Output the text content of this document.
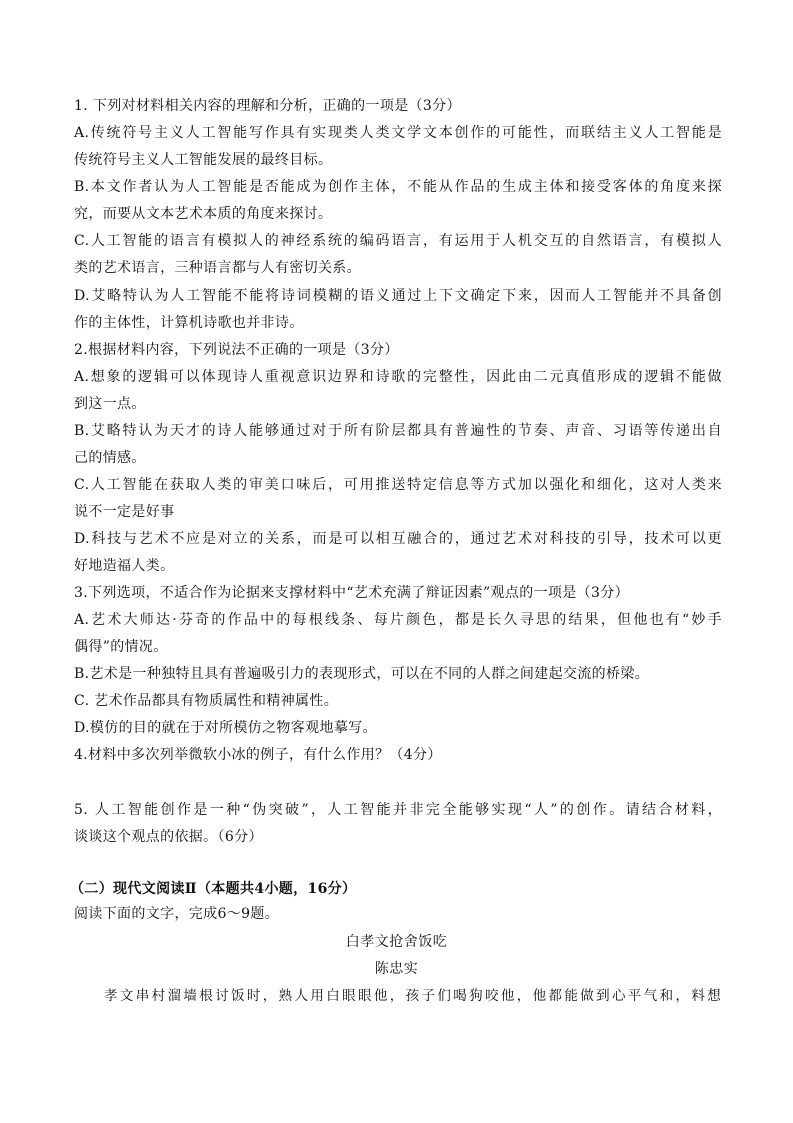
1. 下列对材料相关内容的理解和分析，正确的一项是（3分）
A.传统符号主义人工智能写作具有实现类人类文学文本创作的可能性，而联结主义人工智能是
传统符号主义人工智能发展的最终目标。
B.本文作者认为人工智能是否能成为创作主体，不能从作品的生成主体和接受客体的角度来探
究，而要从文本艺术本质的角度来探讨。
C.人工智能的语言有模拟人的神经系统的编码语言，有运用于人机交互的自然语言，有模拟人
类的艺术语言，三种语言都与人有密切关系。
D.艾略特认为人工智能不能将诗词模糊的语义通过上下文确定下来，因而人工智能并不具备创
作的主体性，计算机诗歌也并非诗。
2.根据材料内容，下列说法不正确的一项是（3分）
A.想象的逻辑可以体现诗人重视意识边界和诗歌的完整性，因此由二元真值形成的逻辑不能做
到这一点。
B.艾略特认为天才的诗人能够通过对于所有阶层都具有普遍性的节奏、声音、习语等传递出自
己的情感。
C.人工智能在获取人类的审美口味后，可用推送特定信息等方式加以强化和细化，这对人类来
说不一定是好事
D.科技与艺术不应是对立的关系，而是可以相互融合的，通过艺术对科技的引导，技术可以更
好地造福人类。
3.下列选项，不适合作为论据来支撑材料中“艺术充满了辩证因素”观点的一项是（3分）
A.艺术大师达·芬奇的作品中的每根线条、每片颜色，都是长久寻思的结果，但他也有“妙手
偶得”的情况。
B.艺术是一种独特且具有普遍吸引力的表现形式，可以在不同的人群之间建起交流的桥梁。
C. 艺术作品都具有物质属性和精神属性。
D.模仿的目的就在于对所模仿之物客观地摹写。
4.材料中多次列举微软小冰的例子，有什么作用？（4分）
5. 人工智能创作是一种“伪突破”，人工智能并非完全能够实现“人”的创作。请结合材料，
谈谈这个观点的依据。（6分）
（二）现代文阅读Ⅱ（本题共4小题，16分）
阅读下面的文字，完成6～9题。
白孝文抢舍饭吃
陈忠实
孝文串村溜墙根讨饭时，熟人用白眼眼他，孩子们喝狗咬他，他都能做到心平气和，料想
